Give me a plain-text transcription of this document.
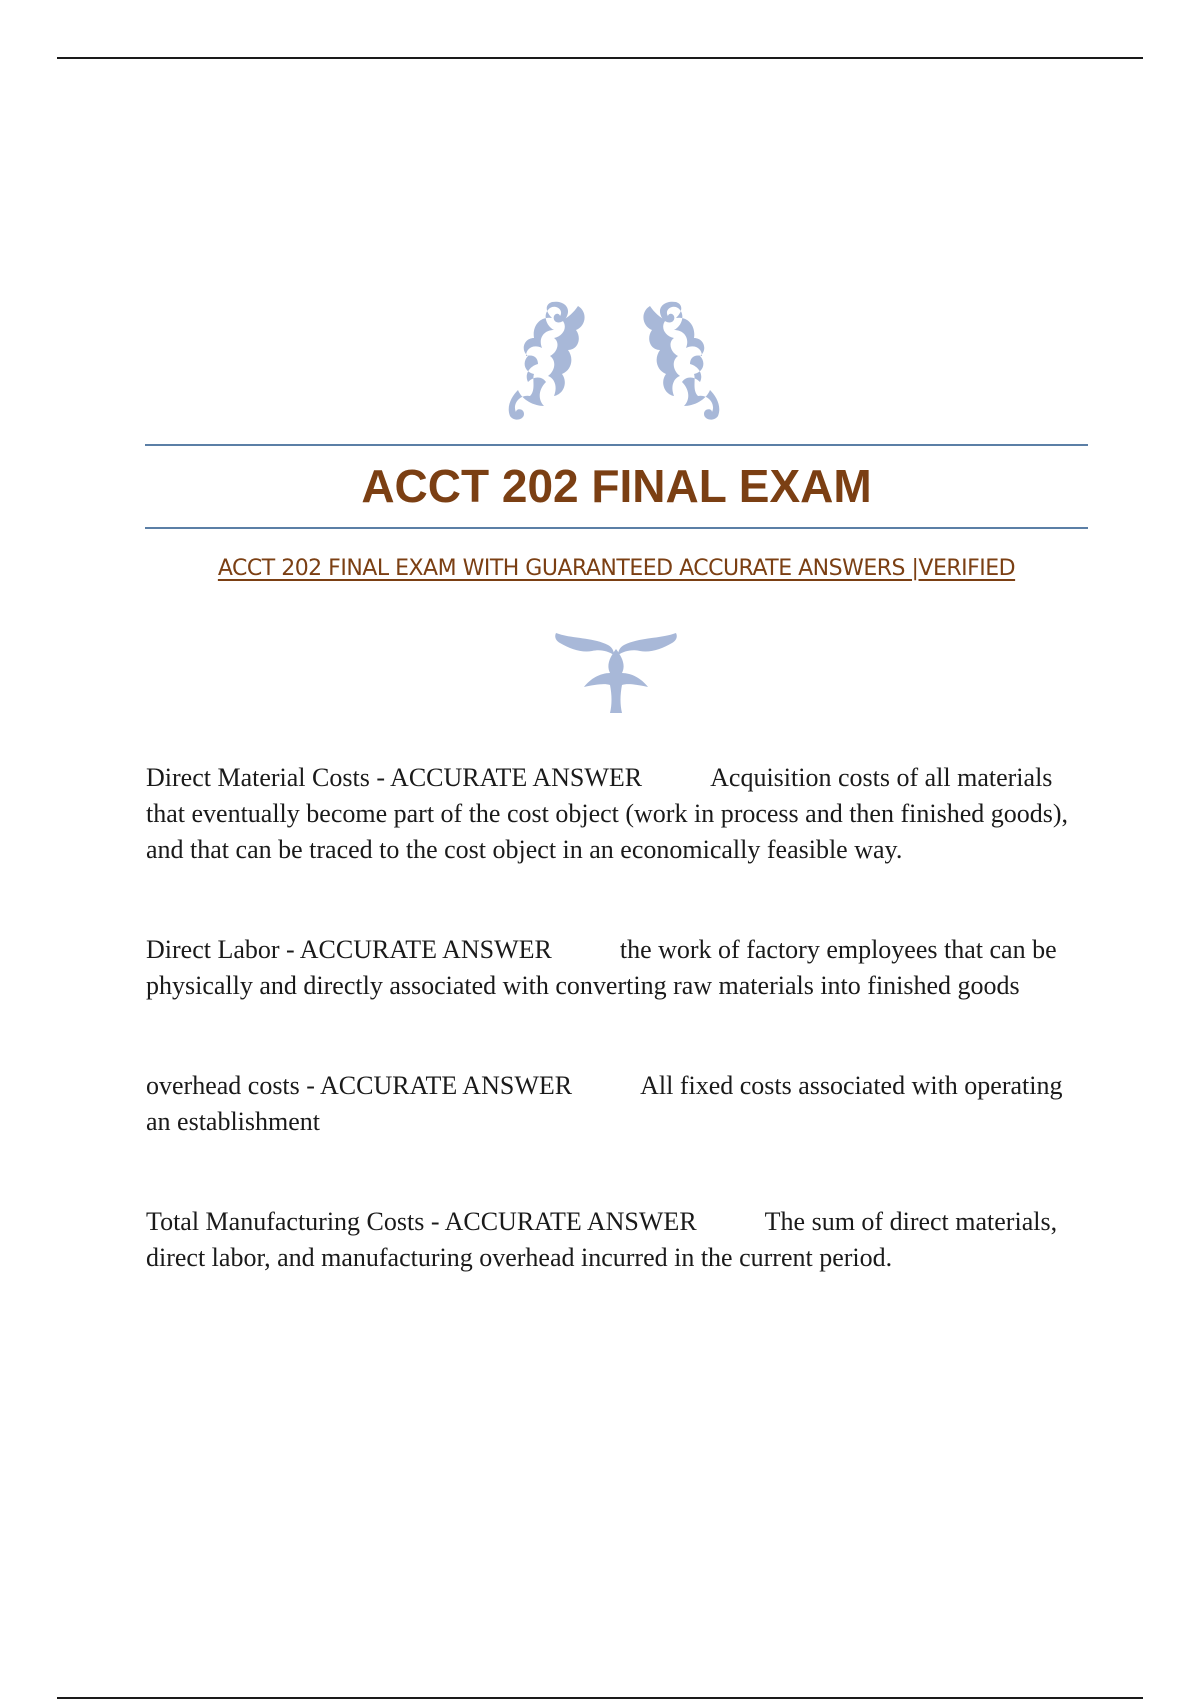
ACCT 202 FINAL EXAM

ACCT 202 FINAL EXAM WITH GUARANTEED ACCURATE ANSWERS |VERIFIED

Direct Material Costs - ACCURATE ANSWER	Acquisition costs of all materials that eventually become part of the cost object (work in process and then finished goods), and that can be traced to the cost object in an economically feasible way.

Direct Labor - ACCURATE ANSWER	the work of factory employees that can be physically and directly associated with converting raw materials into finished goods

overhead costs - ACCURATE ANSWER	All fixed costs associated with operating an establishment

Total Manufacturing Costs - ACCURATE ANSWER	The sum of direct materials, direct labor, and manufacturing overhead incurred in the current period.
